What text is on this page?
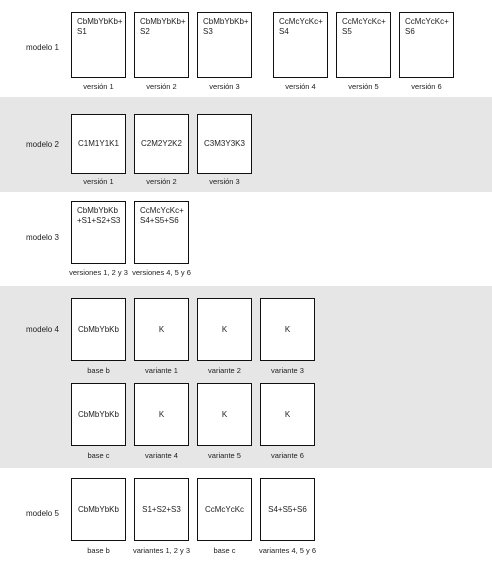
modelo 1
CbMbYbKb+
S1
CbMbYbKb+
S2
CbMbYbKb+
S3
CcMcYcKc+
S4
CcMcYcKc+
S5
CcMcYcKc+
S6
versión 1	versión 2	versión 3	versión 4	versión 5	versión 6
modelo 2	C1M1Y1K1	C2M2Y2K2	C3M3Y3K3
versión 1	versión 2	versión 3
modelo 3
CbMbYbKb
+S1+S2+S3
CcMcYcKc+
S4+S5+S6
versiones 1, 2 y 3 versiones 4, 5 y 6
modelo 4	CbMbYbKb	K	K	K
base b	variante 1	variante 2	variante 3
CbMbYbKb	K	K	K
base c	variante 4	variante 5	variante 6
modelo 5	CbMbYbKb	S1+S2+S3	CcMcYcKc	S4+S5+S6
base b	variantes 1, 2 y 3	base c	variantes 4, 5 y 6
